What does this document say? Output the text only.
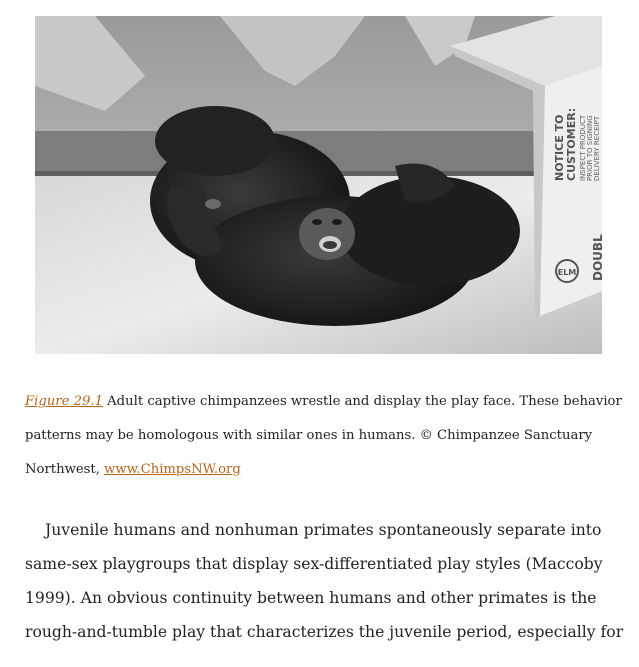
NOTICE TO CUSTOMER: INSPECT PRODUCT PRIOR TO SIGNING DELIVERY RECEIPT
DOUBL
ELM

Figure 29.1 Adult captive chimpanzees wrestle and display the play face. These behavior patterns may be homologous with similar ones in humans. © Chimpanzee Sanctuary Northwest, www.ChimpsNW.org

Juvenile humans and nonhuman primates spontaneously separate into same-sex playgroups that display sex-differentiated play styles (Maccoby 1999). An obvious continuity between humans and other primates is the rough-and-tumble play that characterizes the juvenile period, especially for
